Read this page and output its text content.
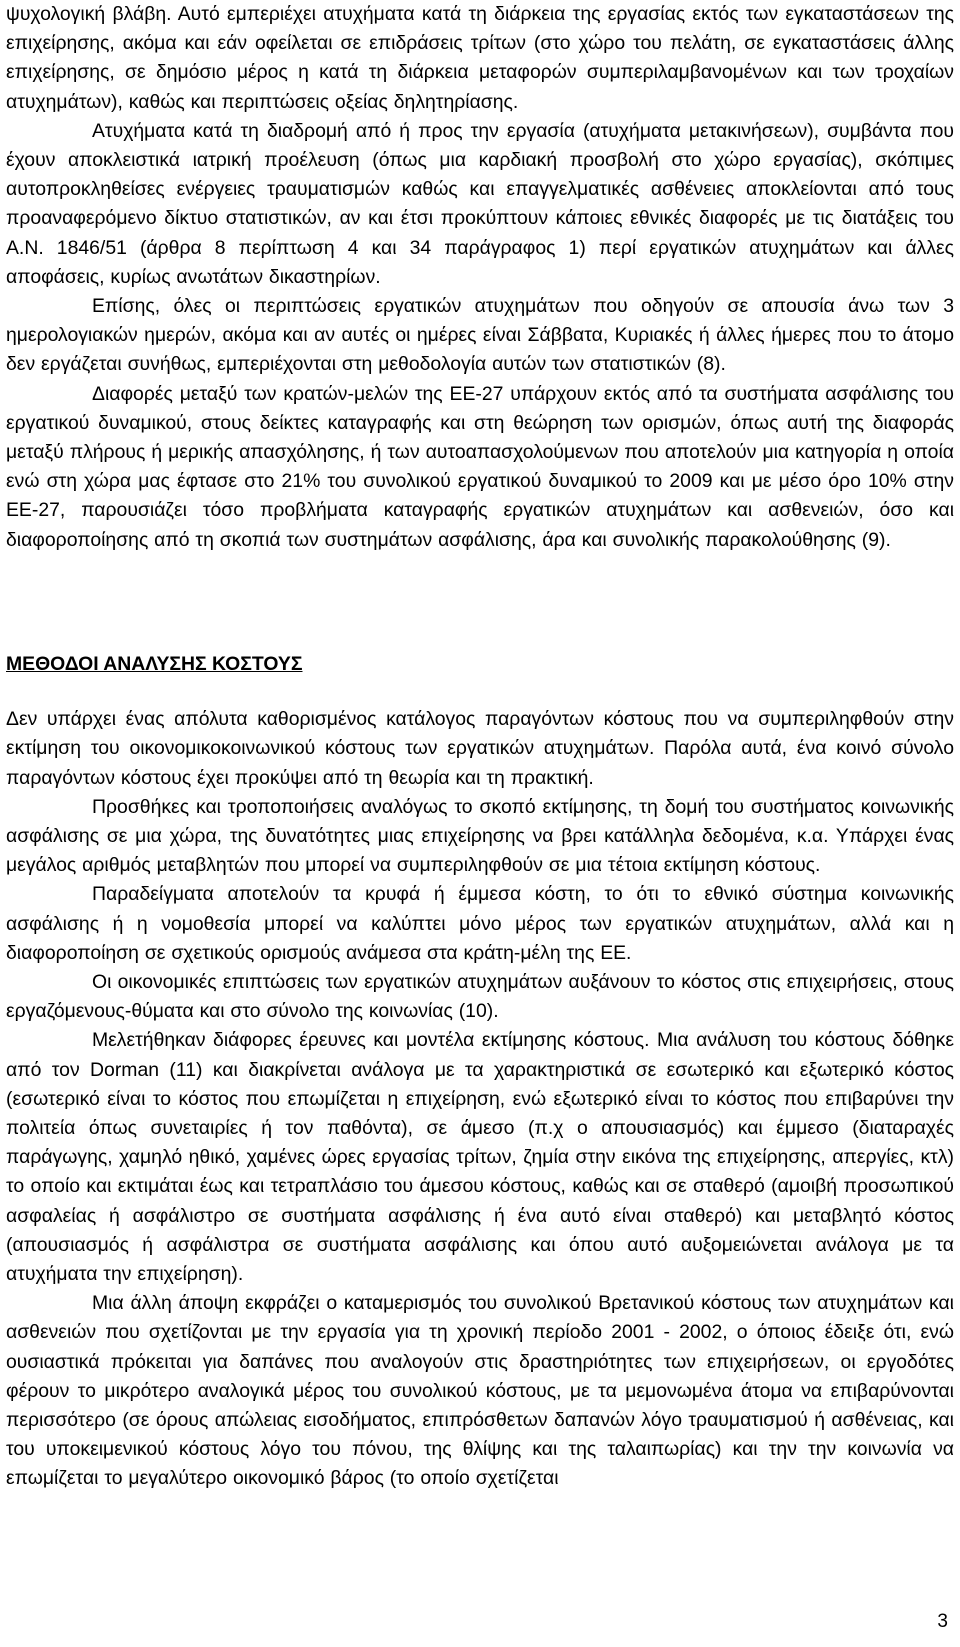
ψυχολογική βλάβη. Αυτό εμπεριέχει ατυχήματα κατά τη διάρκεια της εργασίας εκτός των εγκαταστάσεων της επιχείρησης, ακόμα και εάν οφείλεται σε επιδράσεις τρίτων (στο χώρο του πελάτη, σε εγκαταστάσεις άλλης επιχείρησης, σε δημόσιο μέρος η κατά τη διάρκεια μεταφορών συμπεριλαμβανομένων και των τροχαίων ατυχημάτων), καθώς και περιπτώσεις οξείας δηλητηρίασης.

Ατυχήματα κατά τη διαδρομή από ή προς την εργασία (ατυχήματα μετακινήσεων), συμβάντα που έχουν αποκλειστικά ιατρική προέλευση (όπως μια καρδιακή προσβολή στο χώρο εργασίας), σκόπιμες αυτοπροκληθείσες ενέργειες τραυματισμών καθώς και επαγγελματικές ασθένειες αποκλείονται από τους προαναφερόμενο δίκτυο στατιστικών, αν και έτσι προκύπτουν κάποιες εθνικές διαφορές με τις διατάξεις του Α.Ν. 1846/51 (άρθρα 8 περίπτωση 4 και 34 παράγραφος 1) περί εργατικών ατυχημάτων και άλλες αποφάσεις, κυρίως ανωτάτων δικαστηρίων.

Επίσης, όλες οι περιπτώσεις εργατικών ατυχημάτων που οδηγούν σε απουσία άνω των 3 ημερολογιακών ημερών, ακόμα και αν αυτές οι ημέρες είναι Σάββατα, Κυριακές ή άλλες ήμερες που το άτομο δεν εργάζεται συνήθως, εμπεριέχονται στη μεθοδολογία αυτών των στατιστικών (8).

Διαφορές μεταξύ των κρατών-μελών της ΕΕ-27 υπάρχουν εκτός από τα συστήματα ασφάλισης του εργατικού δυναμικού, στους δείκτες καταγραφής και στη θεώρηση των ορισμών, όπως αυτή της διαφοράς μεταξύ πλήρους ή μερικής απασχόλησης, ή των αυτοαπασχολούμενων που αποτελούν μια κατηγορία η οποία ενώ στη χώρα μας έφτασε στο 21% του συνολικού εργατικού δυναμικού το 2009 και με μέσο όρο 10% στην ΕΕ-27, παρουσιάζει τόσο προβλήματα καταγραφής εργατικών ατυχημάτων και ασθενειών, όσο και διαφοροποίησης από τη σκοπιά των συστημάτων ασφάλισης, άρα και συνολικής παρακολούθησης (9).

ΜΕΘΟΔΟΙ ΑΝΑΛΥΣΗΣ ΚΟΣΤΟΥΣ

Δεν υπάρχει ένας απόλυτα καθορισμένος κατάλογος παραγόντων κόστους που να συμπεριληφθούν στην εκτίμηση του οικονομικοκοινωνικού κόστους των εργατικών ατυχημάτων. Παρόλα αυτά, ένα κοινό σύνολο παραγόντων κόστους έχει προκύψει από τη θεωρία και τη πρακτική.

Προσθήκες και τροποποιήσεις αναλόγως το σκοπό εκτίμησης, τη δομή του συστήματος κοινωνικής ασφάλισης σε μια χώρα, της δυνατότητες μιας επιχείρησης να βρει κατάλληλα δεδομένα, κ.α. Υπάρχει ένας μεγάλος αριθμός μεταβλητών που μπορεί να συμπεριληφθούν σε μια τέτοια εκτίμηση κόστους.

Παραδείγματα αποτελούν τα κρυφά ή έμμεσα κόστη, το ότι το εθνικό σύστημα κοινωνικής ασφάλισης ή η νομοθεσία μπορεί να καλύπτει μόνο μέρος των εργατικών ατυχημάτων, αλλά και η διαφοροποίηση σε σχετικούς ορισμούς ανάμεσα στα κράτη-μέλη της ΕΕ.

Οι οικονομικές επιπτώσεις των εργατικών ατυχημάτων αυξάνουν το κόστος στις επιχειρήσεις, στους εργαζόμενους-θύματα και στο σύνολο της κοινωνίας (10).

Μελετήθηκαν διάφορες έρευνες και μοντέλα εκτίμησης κόστους. Μια ανάλυση του κόστους δόθηκε από τον Dorman (11) και διακρίνεται ανάλογα με τα χαρακτηριστικά σε εσωτερικό και εξωτερικό κόστος (εσωτερικό είναι το κόστος που επωμίζεται η επιχείρηση, ενώ εξωτερικό είναι το κόστος που επιβαρύνει την πολιτεία όπως συνεταιρίες ή τον παθόντα), σε άμεσο (π.χ ο απουσιασμός) και έμμεσο (διαταραχές παράγωγης, χαμηλό ηθικό, χαμένες ώρες εργασίας τρίτων, ζημία στην εικόνα της επιχείρησης, απεργίες, κτλ) το οποίο και εκτιμάται έως και τετραπλάσιο του άμεσου κόστους, καθώς και σε σταθερό (αμοιβή προσωπικού ασφαλείας ή ασφάλιστρο σε συστήματα ασφάλισης ή ένα αυτό είναι σταθερό) και μεταβλητό κόστος (απουσιασμός ή ασφάλιστρα σε συστήματα ασφάλισης και όπου αυτό αυξομειώνεται ανάλογα με τα ατυχήματα την επιχείρηση).

Μια άλλη άποψη εκφράζει ο καταμερισμός του συνολικού Βρετανικού κόστους των ατυχημάτων και ασθενειών που σχετίζονται με την εργασία για τη χρονική περίοδο 2001 - 2002, ο όποιος έδειξε ότι, ενώ ουσιαστικά πρόκειται για δαπάνες που αναλογούν στις δραστηριότητες των επιχειρήσεων, οι εργοδότες φέρουν το μικρότερο αναλογικά μέρος του συνολικού κόστους, με τα μεμονωμένα άτομα να επιβαρύνονται περισσότερο (σε όρους απώλειας εισοδήματος, επιπρόσθετων δαπανών λόγο τραυματισμού ή ασθένειας, και του υποκειμενικού κόστους λόγο του πόνου, της θλίψης και της ταλαιπωρίας) και την την κοινωνία να επωμίζεται το μεγαλύτερο οικονομικό βάρος (το οποίο σχετίζεται

3
